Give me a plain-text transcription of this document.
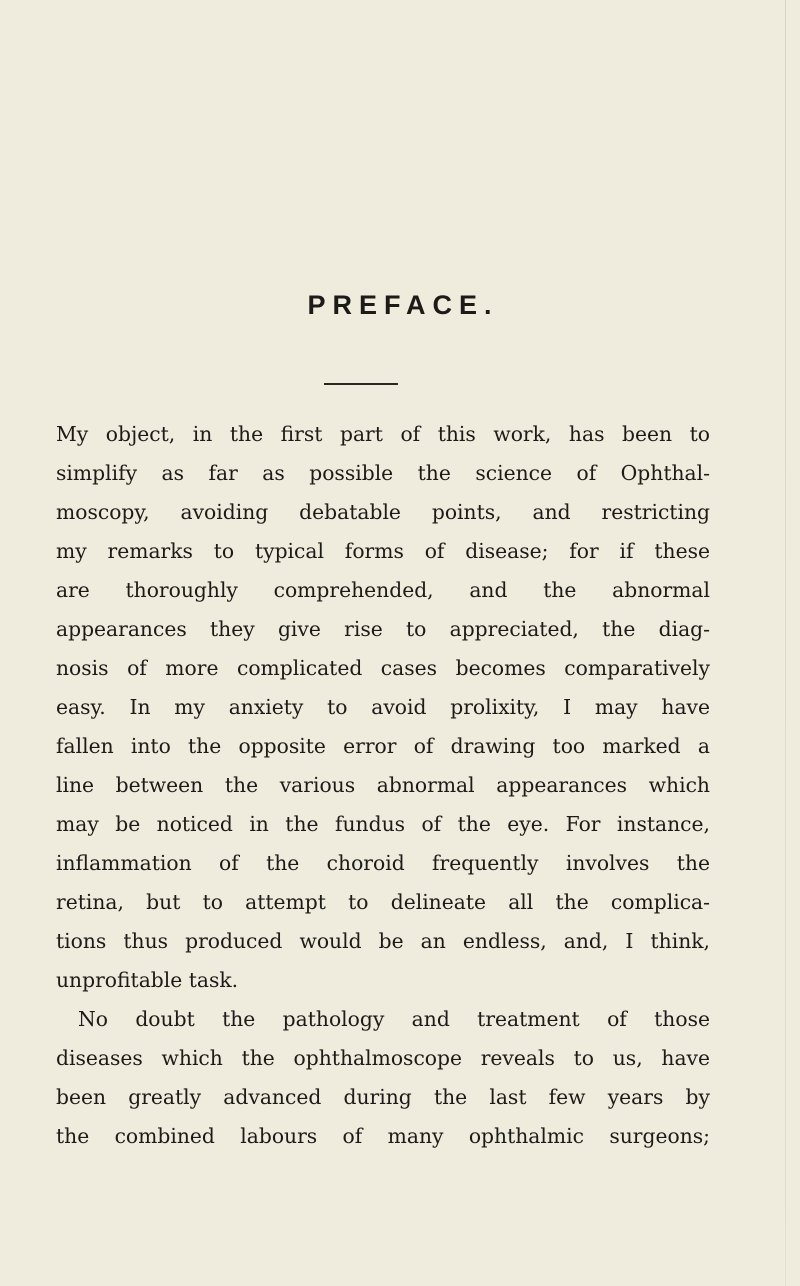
PREFACE.
My object, in the first part of this work, has been to
simplify as far as possible the science of Ophthal-
moscopy, avoiding debatable points, and restricting
my remarks to typical forms of disease; for if these
are thoroughly comprehended, and the abnormal
appearances they give rise to appreciated, the diag-
nosis of more complicated cases becomes comparatively
easy. In my anxiety to avoid prolixity, I may have
fallen into the opposite error of drawing too marked a
line between the various abnormal appearances which
may be noticed in the fundus of the eye. For instance,
inflammation of the choroid frequently involves the
retina, but to attempt to delineate all the complica-
tions thus produced would be an endless, and, I think,
unprofitable task.
No doubt the pathology and treatment of those
diseases which the ophthalmoscope reveals to us, have
been greatly advanced during the last few years by
the combined labours of many ophthalmic surgeons;
